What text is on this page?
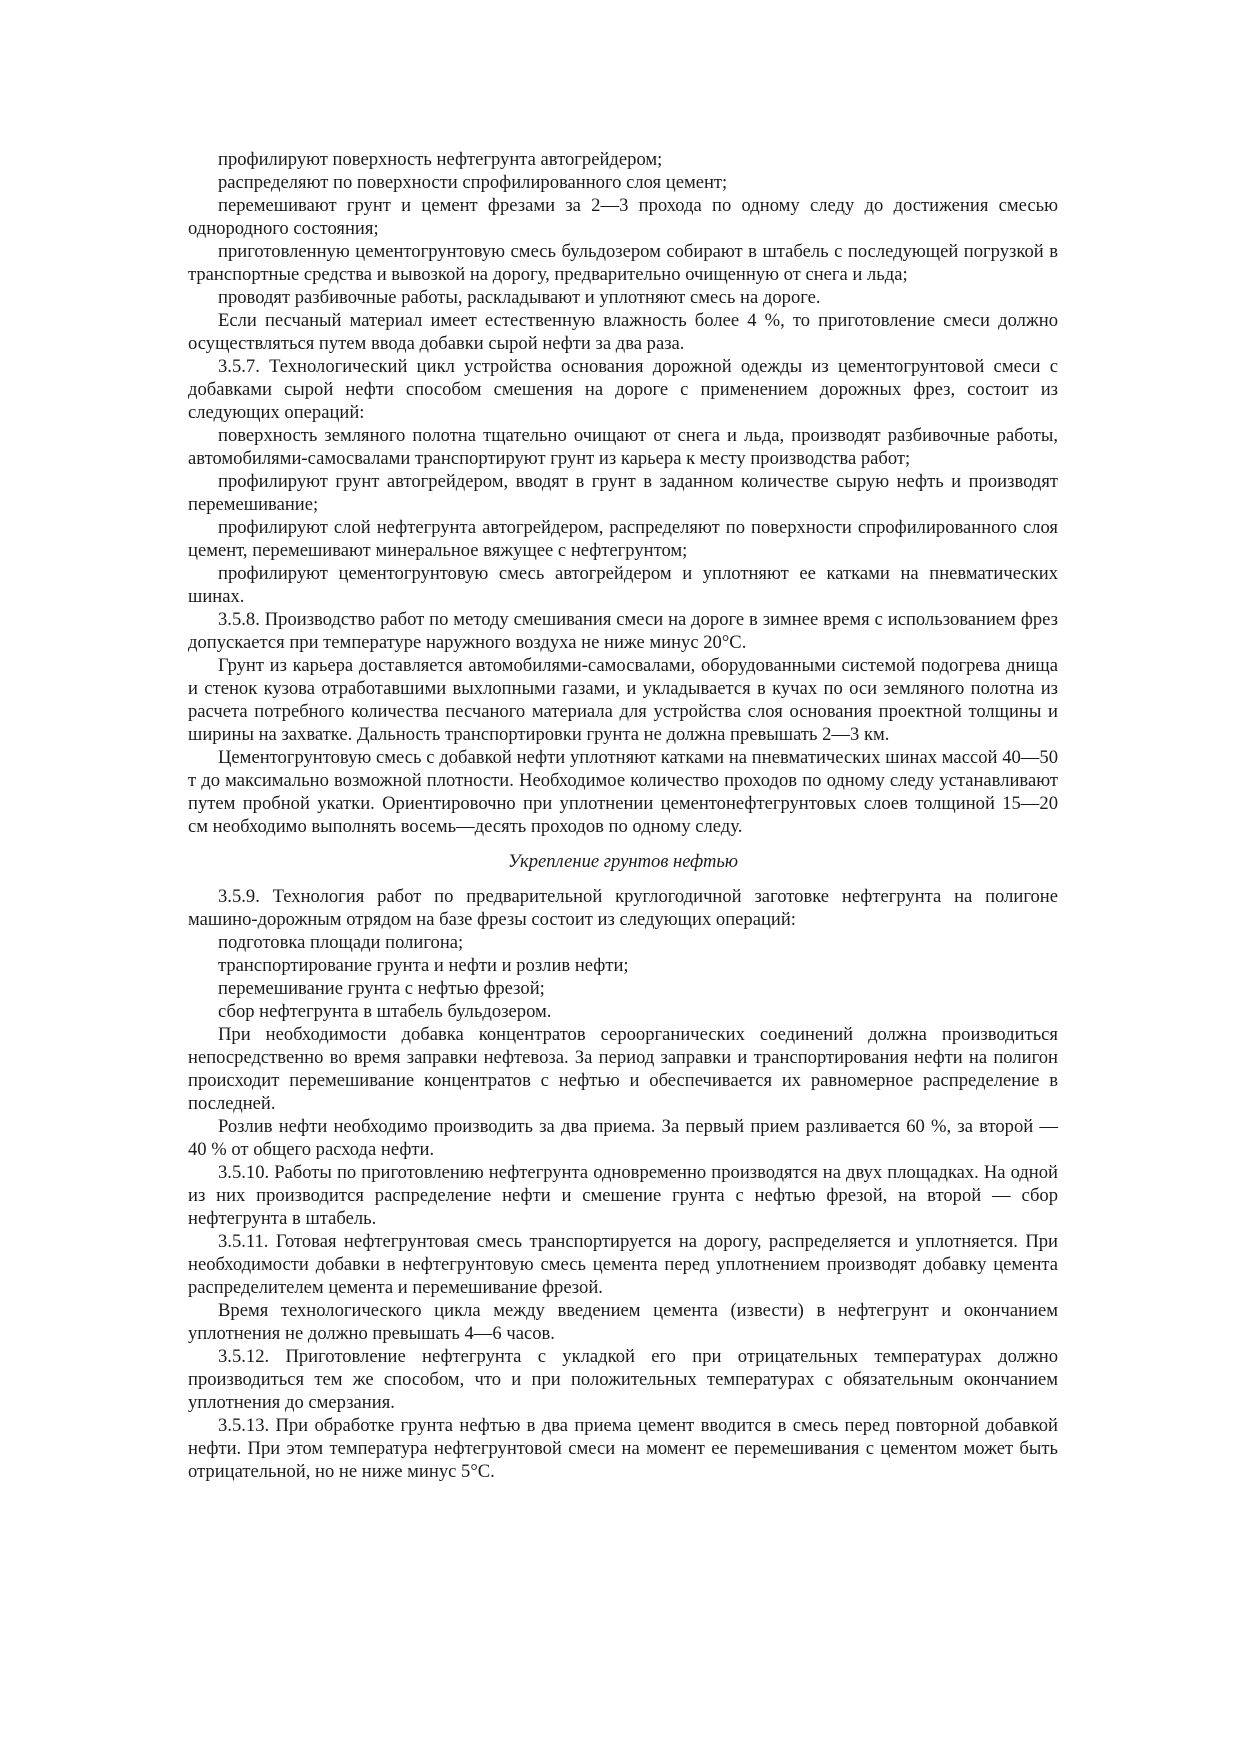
профилируют поверхность нефтегрунта автогрейдером;

распределяют по поверхности спрофилированного слоя цемент;

перемешивают грунт и цемент фрезами за 2—3 прохода по одному следу до достижения смесью однородного состояния;

приготовленную цементогрунтовую смесь бульдозером собирают в штабель с последующей погрузкой в транспортные средства и вывозкой на дорогу, предварительно очищенную от снега и льда;

проводят разбивочные работы, раскладывают и уплотняют смесь на дороге.

Если песчаный материал имеет естественную влажность более 4 %, то приготовление смеси должно осуществляться путем ввода добавки сырой нефти за два раза.

3.5.7. Технологический цикл устройства основания дорожной одежды из цементогрунтовой смеси с добавками сырой нефти способом смешения на дороге с применением дорожных фрез, состоит из следующих операций:

поверхность земляного полотна тщательно очищают от снега и льда, производят разбивочные работы, автомобилями-самосвалами транспортируют грунт из карьера к месту производства работ;

профилируют грунт автогрейдером, вводят в грунт в заданном количестве сырую нефть и производят перемешивание;

профилируют слой нефтегрунта автогрейдером, распределяют по поверхности спрофилированного слоя цемент, перемешивают минеральное вяжущее с нефтегрунтом;

профилируют цементогрунтовую смесь автогрейдером и уплотняют ее катками на пневматических шинах.

3.5.8. Производство работ по методу смешивания смеси на дороге в зимнее время с использованием фрез допускается при температуре наружного воздуха не ниже минус 20°С.

Грунт из карьера доставляется автомобилями-самосвалами, оборудованными системой подогрева днища и стенок кузова отработавшими выхлопными газами, и укладывается в кучах по оси земляного полотна из расчета потребного количества песчаного материала для устройства слоя основания проектной толщины и ширины на захватке. Дальность транспортировки грунта не должна превышать 2—3 км.

Цементогрунтовую смесь с добавкой нефти уплотняют катками на пневматических шинах массой 40—50 т до максимально возможной плотности. Необходимое количество проходов по одному следу устанавливают путем пробной укатки. Ориентировочно при уплотнении цементонефтегрунтовых слоев толщиной 15—20 см необходимо выполнять восемь—десять проходов по одному следу.

Укрепление грунтов нефтью

3.5.9. Технология работ по предварительной круглогодичной заготовке нефтегрунта на полигоне машино-дорожным отрядом на базе фрезы состоит из следующих операций:

подготовка площади полигона;

транспортирование грунта и нефти и розлив нефти;

перемешивание грунта с нефтью фрезой;

сбор нефтегрунта в штабель бульдозером.

При необходимости добавка концентратов сероорганических соединений должна производиться непосредственно во время заправки нефтевоза. За период заправки и транспортирования нефти на полигон происходит перемешивание концентратов с нефтью и обеспечивается их равномерное распределение в последней.

Розлив нефти необходимо производить за два приема. За первый прием разливается 60 %, за второй — 40 % от общего расхода нефти.

3.5.10. Работы по приготовлению нефтегрунта одновременно производятся на двух площадках. На одной из них производится распределение нефти и смешение грунта с нефтью фрезой, на второй — сбор нефтегрунта в штабель.

3.5.11. Готовая нефтегрунтовая смесь транспортируется на дорогу, распределяется и уплотняется. При необходимости добавки в нефтегрунтовую смесь цемента перед уплотнением производят добавку цемента распределителем цемента и перемешивание фрезой.

Время технологического цикла между введением цемента (извести) в нефтегрунт и окончанием уплотнения не должно превышать 4—6 часов.

3.5.12. Приготовление нефтегрунта с укладкой его при отрицательных температурах должно производиться тем же способом, что и при положительных температурах с обязательным окончанием уплотнения до смерзания.

3.5.13. При обработке грунта нефтью в два приема цемент вводится в смесь перед повторной добавкой нефти. При этом температура нефтегрунтовой смеси на момент ее перемешивания с цементом может быть отрицательной, но не ниже минус 5°С.
